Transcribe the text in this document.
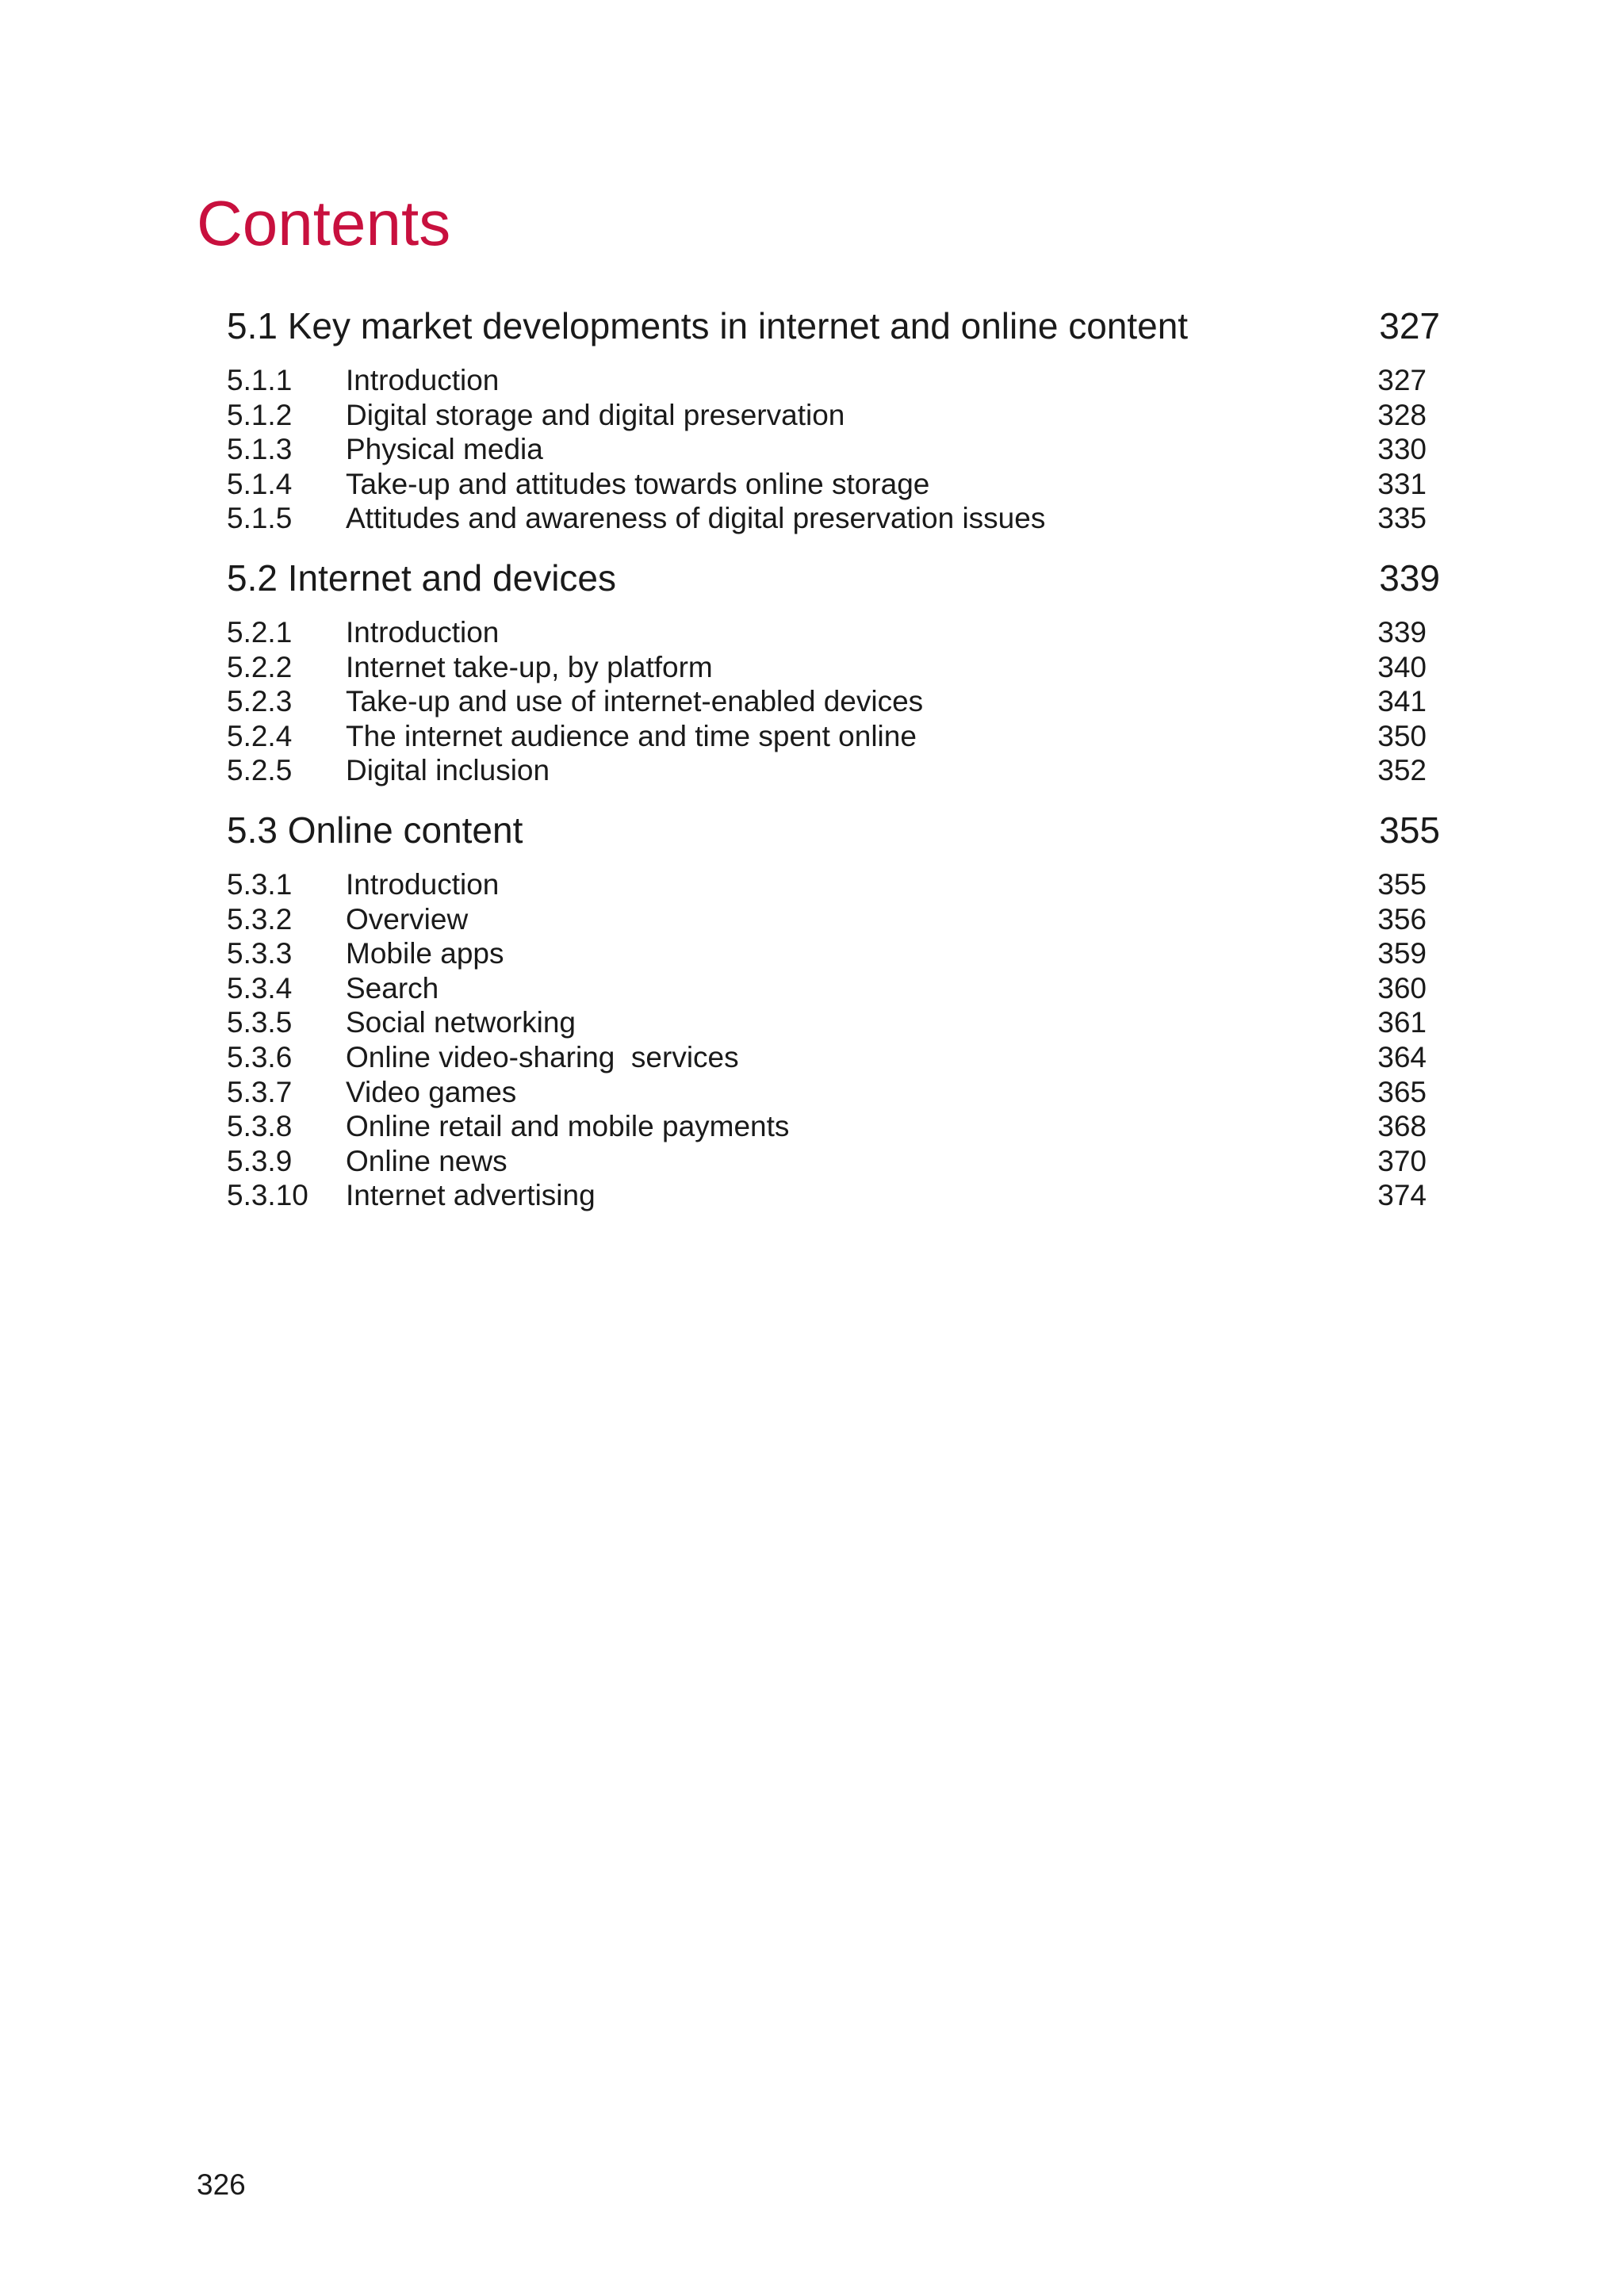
Contents
5.1 Key market developments in internet and online content	327
5.1.1 Introduction	327
5.1.2 Digital storage and digital preservation	328
5.1.3 Physical media	330
5.1.4 Take-up and attitudes towards online storage	331
5.1.5 Attitudes and awareness of digital preservation issues	335
5.2 Internet and devices	339
5.2.1 Introduction	339
5.2.2 Internet take-up, by platform	340
5.2.3 Take-up and use of internet-enabled devices	341
5.2.4 The internet audience and time spent online	350
5.2.5 Digital inclusion	352
5.3 Online content	355
5.3.1 Introduction	355
5.3.2 Overview	356
5.3.3 Mobile apps	359
5.3.4 Search	360
5.3.5 Social networking	361
5.3.6 Online video-sharing  services	364
5.3.7 Video games	365
5.3.8 Online retail and mobile payments	368
5.3.9 Online news	370
5.3.10 Internet advertising	374
326
